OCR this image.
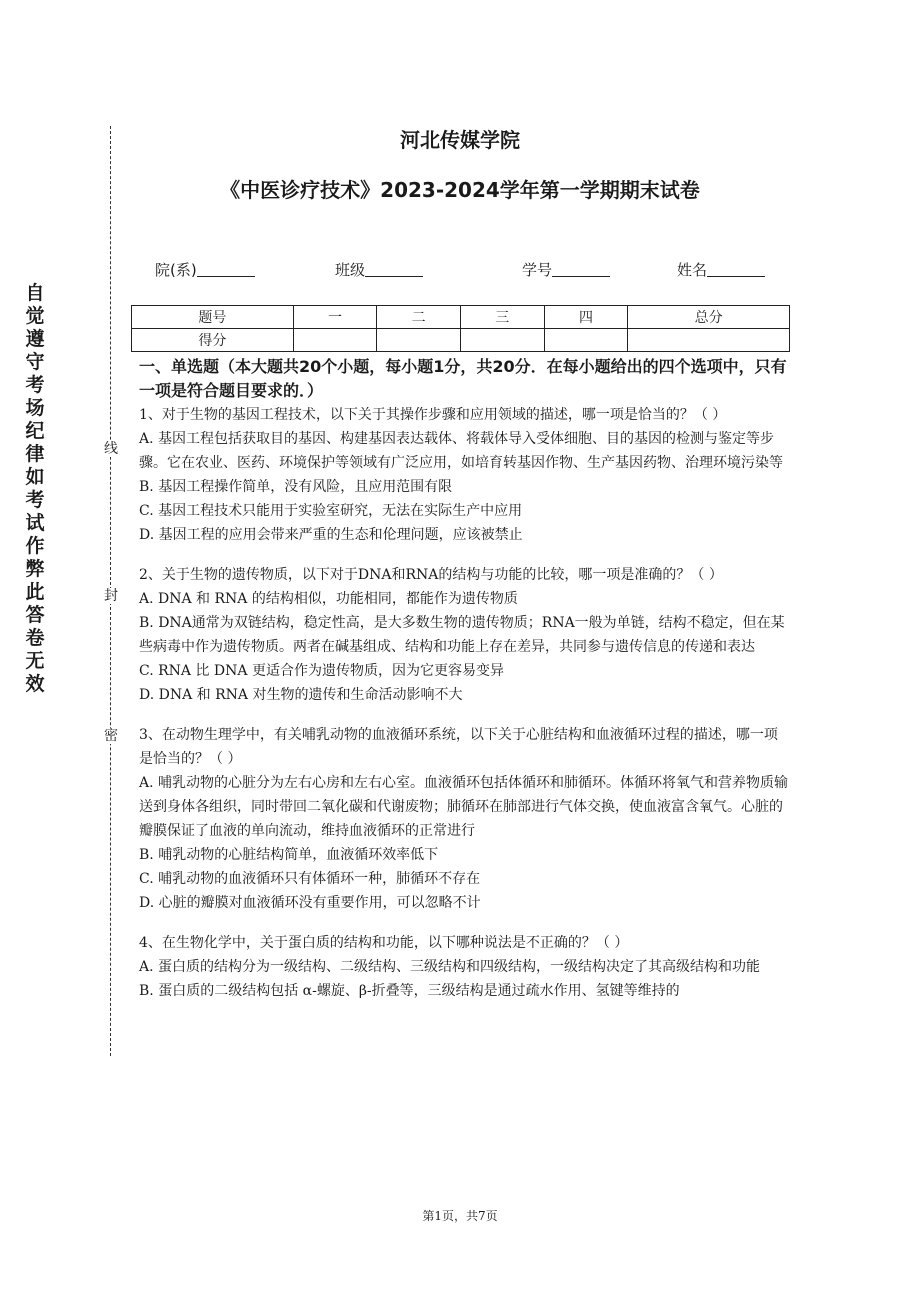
自觉遵守考场纪律如考试作弊此答卷无效
线
封
密
河北传媒学院
《中医诊疗技术》2023-2024学年第一学期期末试卷
院(系)	班级	学号	姓名
题号	一	二	三	四	总分
得分					
一、单选题（本大题共20个小题，每小题1分，共20分．在每小题给出的四个选项中，只有一项是符合题目要求的．）

1、对于生物的基因工程技术，以下关于其操作步骤和应用领域的描述，哪一项是恰当的？（ ）

A. 基因工程包括获取目的基因、构建基因表达载体、将载体导入受体细胞、目的基因的检测与鉴定等步骤。它在农业、医药、环境保护等领域有广泛应用，如培育转基因作物、生产基因药物、治理环境污染等

B. 基因工程操作简单，没有风险，且应用范围有限

C. 基因工程技术只能用于实验室研究，无法在实际生产中应用

D. 基因工程的应用会带来严重的生态和伦理问题，应该被禁止

2、关于生物的遗传物质，以下对于DNA和RNA的结构与功能的比较，哪一项是准确的？（ ）

A. DNA 和 RNA 的结构相似，功能相同，都能作为遗传物质

B. DNA通常为双链结构，稳定性高，是大多数生物的遗传物质；RNA一般为单链，结构不稳定，但在某些病毒中作为遗传物质。两者在碱基组成、结构和功能上存在差异，共同参与遗传信息的传递和表达

C. RNA 比 DNA 更适合作为遗传物质，因为它更容易变异

D. DNA 和 RNA 对生物的遗传和生命活动影响不大

3、在动物生理学中，有关哺乳动物的血液循环系统，以下关于心脏结构和血液循环过程的描述，哪一项是恰当的？（ ）

A. 哺乳动物的心脏分为左右心房和左右心室。血液循环包括体循环和肺循环。体循环将氧气和营养物质输送到身体各组织，同时带回二氧化碳和代谢废物；肺循环在肺部进行气体交换，使血液富含氧气。心脏的瓣膜保证了血液的单向流动，维持血液循环的正常进行

B. 哺乳动物的心脏结构简单，血液循环效率低下

C. 哺乳动物的血液循环只有体循环一种，肺循环不存在

D. 心脏的瓣膜对血液循环没有重要作用，可以忽略不计

4、在生物化学中，关于蛋白质的结构和功能，以下哪种说法是不正确的？（ ）

A. 蛋白质的结构分为一级结构、二级结构、三级结构和四级结构，一级结构决定了其高级结构和功能

B. 蛋白质的二级结构包括 α-螺旋、β-折叠等，三级结构是通过疏水作用、氢键等维持的

第1页，共7页
